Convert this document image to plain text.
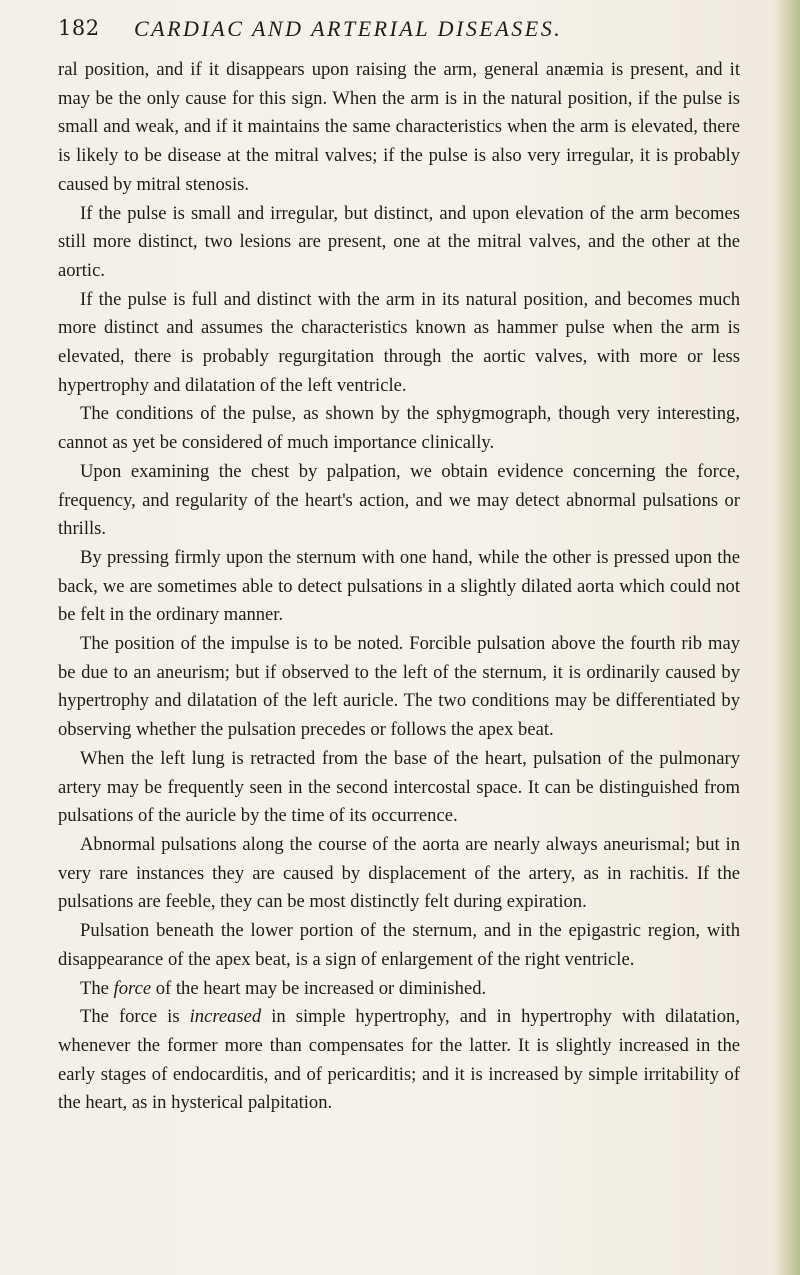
182 CARDIAC AND ARTERIAL DISEASES.

ral position, and if it disappears upon raising the arm, general anæmia is present, and it may be the only cause for this sign. When the arm is in the natural position, if the pulse is small and weak, and if it maintains the same characteristics when the arm is elevated, there is likely to be disease at the mitral valves; if the pulse is also very irregular, it is probably caused by mitral stenosis.

If the pulse is small and irregular, but distinct, and upon elevation of the arm becomes still more distinct, two lesions are present, one at the mitral valves, and the other at the aortic.

If the pulse is full and distinct with the arm in its natural position, and becomes much more distinct and assumes the characteristics known as hammer pulse when the arm is elevated, there is probably regurgitation through the aortic valves, with more or less hypertrophy and dilatation of the left ventricle.

The conditions of the pulse, as shown by the sphygmograph, though very interesting, cannot as yet be considered of much importance clinically.

Upon examining the chest by palpation, we obtain evidence concerning the force, frequency, and regularity of the heart's action, and we may detect abnormal pulsations or thrills.

By pressing firmly upon the sternum with one hand, while the other is pressed upon the back, we are sometimes able to detect pulsations in a slightly dilated aorta which could not be felt in the ordinary manner.

The position of the impulse is to be noted. Forcible pulsation above the fourth rib may be due to an aneurism; but if observed to the left of the sternum, it is ordinarily caused by hypertrophy and dilatation of the left auricle. The two conditions may be differentiated by observing whether the pulsation precedes or follows the apex beat.

When the left lung is retracted from the base of the heart, pulsation of the pulmonary artery may be frequently seen in the second intercostal space. It can be distinguished from pulsations of the auricle by the time of its occurrence.

Abnormal pulsations along the course of the aorta are nearly always aneurismal; but in very rare instances they are caused by displacement of the artery, as in rachitis. If the pulsations are feeble, they can be most distinctly felt during expiration.

Pulsation beneath the lower portion of the sternum, and in the epigastric region, with disappearance of the apex beat, is a sign of enlargement of the right ventricle.

The force of the heart may be increased or diminished.

The force is increased in simple hypertrophy, and in hypertrophy with dilatation, whenever the former more than compensates for the latter. It is slightly increased in the early stages of endocarditis, and of pericarditis; and it is increased by simple irritability of the heart, as in hysterical palpitation.
